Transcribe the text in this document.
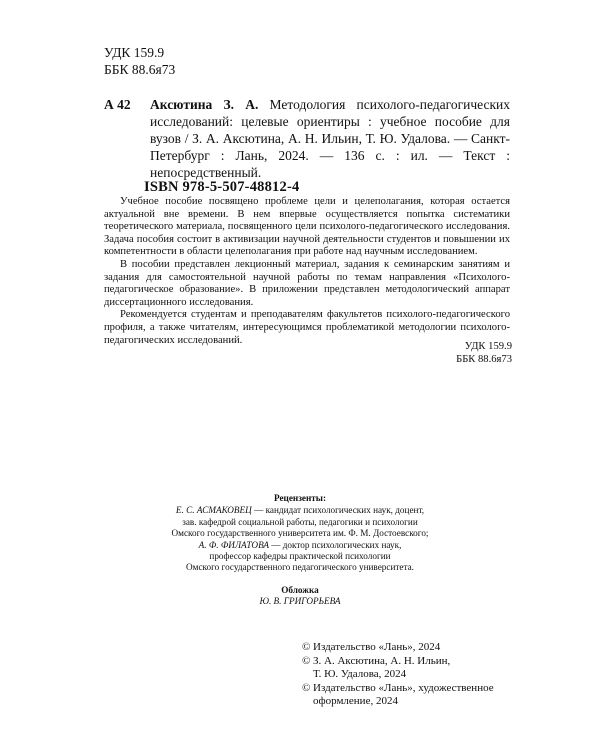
УДК 159.9
ББК 88.6я73
А 42 Аксютина З. А. Методология психолого-педагогических исследований: целевые ориентиры : учебное пособие для вузов / З. А. Аксютина, А. Н. Ильин, Т. Ю. Удалова. — Санкт-Петербург : Лань, 2024. — 136 с. : ил. — Текст : непосредственный.
ISBN 978-5-507-48812-4

Учебное пособие посвящено проблеме цели и целеполагания, которая остается актуальной вне времени. В нем впервые осуществляется попытка систематики теоретического материала, посвященного цели психолого-педагогического исследования. Задача пособия состоит в активизации научной деятельности студентов и повышении их компетентности в области целеполагания при работе над научным исследованием.

В пособии представлен лекционный материал, задания к семинарским занятиям и задания для самостоятельной научной работы по темам направления «Психолого-педагогическое образование». В приложении представлен методологический аппарат диссертационного исследования.

Рекомендуется студентам и преподавателям факультетов психолого-педагогического профиля, а также читателям, интересующимся проблематикой методологии психолого-педагогических исследований.

УДК 159.9
ББК 88.6я73
Рецензенты:
Е. С. АСМАКОВЕЦ — кандидат психологических наук, доцент,
зав. кафедрой социальной работы, педагогики и психологии
Омского государственного университета им. Ф. М. Достоевского;
А. Ф. ФИЛАТОВА — доктор психологических наук,
профессор кафедры практической психологии
Омского государственного педагогического университета.
Обложка
Ю. В. ГРИГОРЬЕВА
© Издательство «Лань», 2024
© З. А. Аксютина, А. Н. Ильин,
Т. Ю. Удалова, 2024
© Издательство «Лань», художественное
оформление, 2024
